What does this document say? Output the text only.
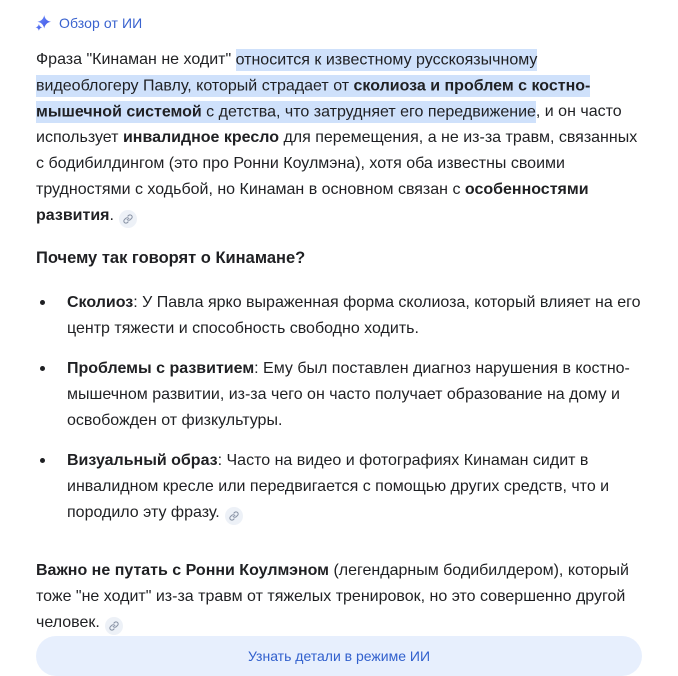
Обзор от ИИ

Фраза "Кинаман не ходит" относится к известному русскоязычному видеоблогеру Павлу, который страдает от сколиоза и проблем с костно-мышечной системой с детства, что затрудняет его передвижение, и он часто использует инвалидное кресло для перемещения, а не из-за травм, связанных с бодибилдингом (это про Ронни Коулмэна), хотя оба известны своими трудностями с ходьбой, но Кинаман в основном связан с особенностями развития.

Почему так говорят о Кинамане?
Сколиоз: У Павла ярко выраженная форма сколиоза, который влияет на его центр тяжести и способность свободно ходить.
Проблемы с развитием: Ему был поставлен диагноз нарушения в костно-мышечном развитии, из-за чего он часто получает образование на дому и освобожден от физкультуры.
Визуальный образ: Часто на видео и фотографиях Кинаман сидит в инвалидном кресле или передвигается с помощью других средств, что и породило эту фразу.

Важно не путать с Ронни Коулмэном (легендарным бодибилдером), который тоже "не ходит" из-за травм от тяжелых тренировок, но это совершенно другой человек.

Узнать детали в режиме ИИ
